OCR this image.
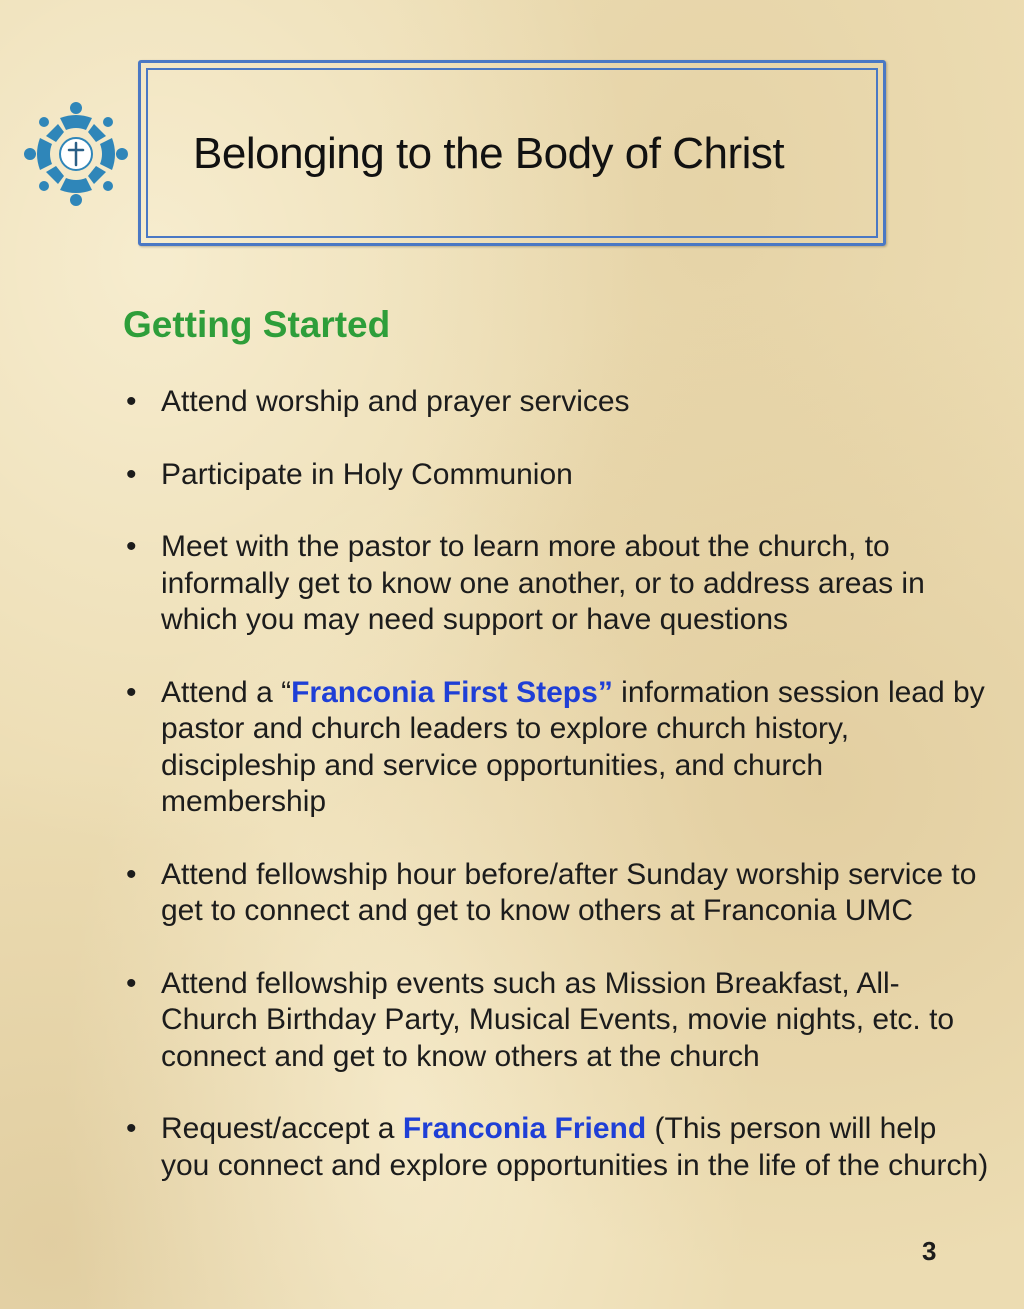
Belonging to the Body of Christ
Getting Started
• Attend worship and prayer services
• Participate in Holy Communion
• Meet with the pastor to learn more about the church, to informally get to know one another, or to address areas in which you may need support or have questions
• Attend a “Franconia First Steps” information session lead by pastor and church leaders to explore church history, discipleship and service opportunities, and church membership
• Attend fellowship hour before/after Sunday worship service to get to connect and get to know others at Franconia UMC
• Attend fellowship events such as Mission Breakfast, All-Church Birthday Party, Musical Events, movie nights, etc. to connect and get to know others at the church
• Request/accept a Franconia Friend (This person will help you connect and explore opportunities in the life of the church)
3
